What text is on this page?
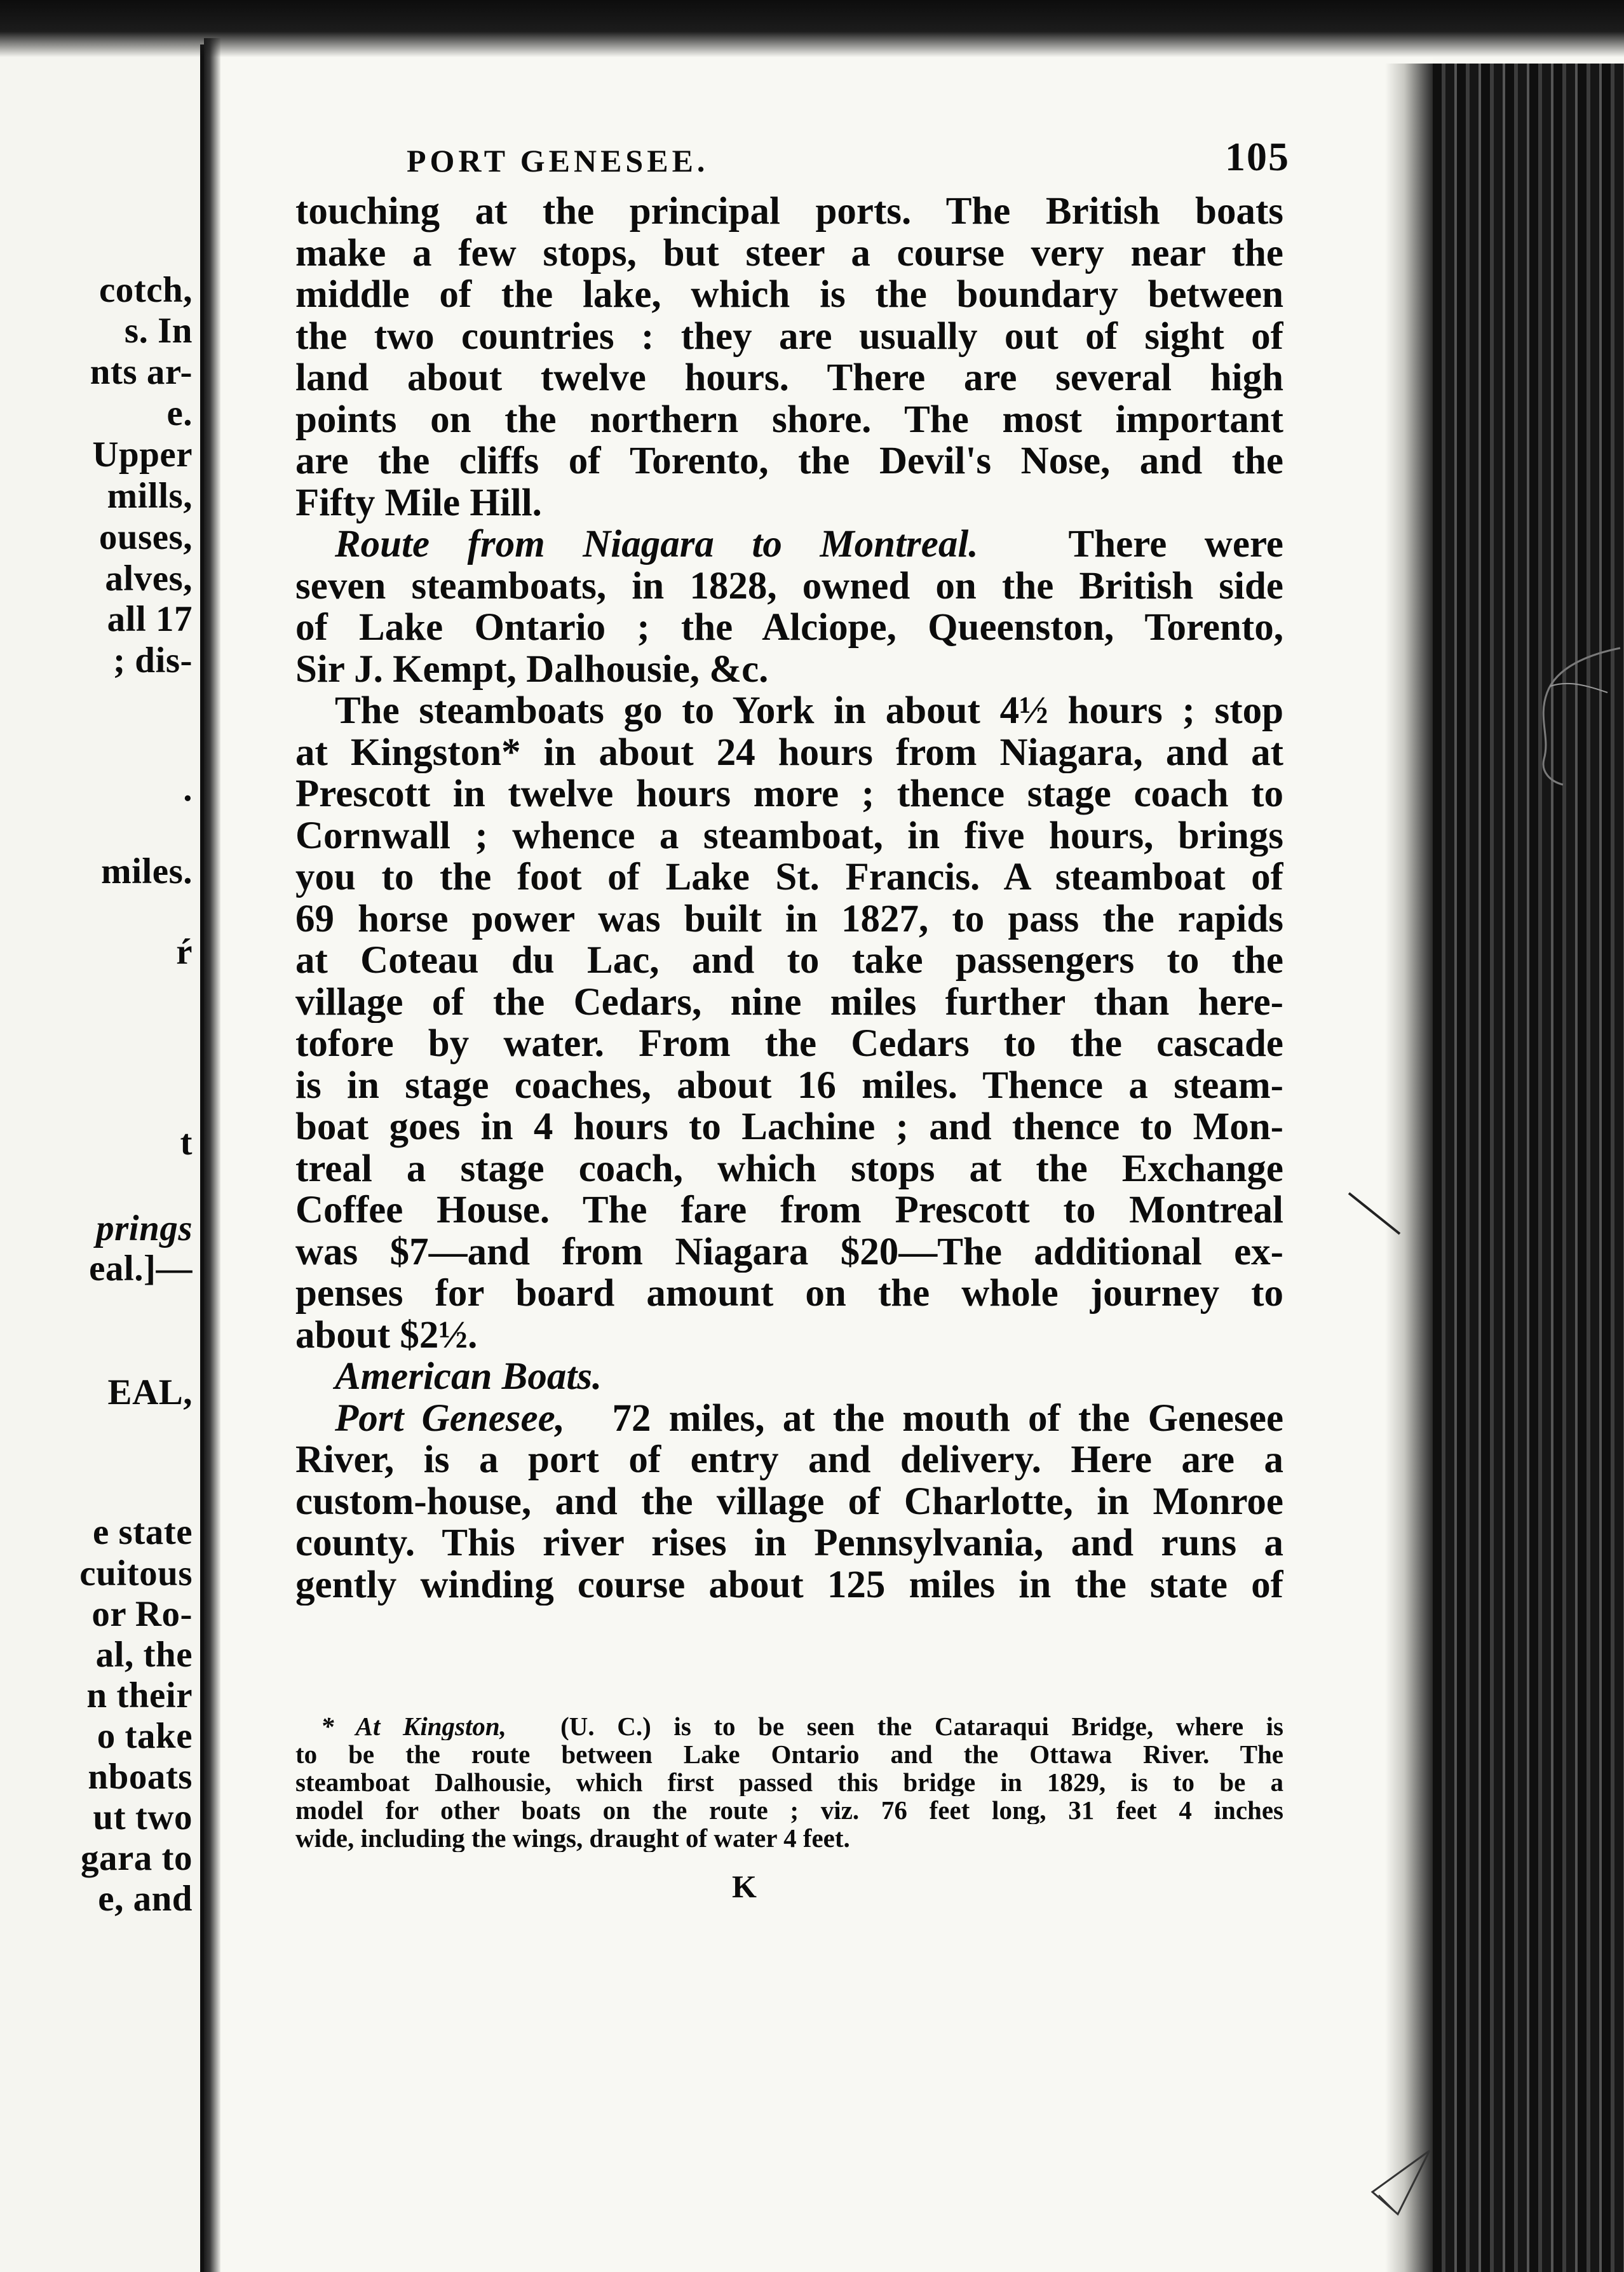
cotch,
s. In
nts ar-
e.
Upper
mills,
ouses,
alves,
all 17
; dis-
.
miles.
ŕ
t
prings
eal.]—
EAL,
e state
cuitous
or Ro-
al, the
n their
o take
nboats
ut two
gara to
e, and
PORT GENESEE.	105
touching at the principal ports. The British boats
make a few stops, but steer a course very near the
middle of the lake, which is the boundary between
the two countries : they are usually out of sight of
land about twelve hours. There are several high
points on the northern shore. The most important
are the cliffs of Torento, the Devil's Nose, and the
Fifty Mile Hill.
Route from Niagara to Montreal. There were
seven steamboats, in 1828, owned on the British side
of Lake Ontario ; the Alciope, Queenston, Torento,
Sir J. Kempt, Dalhousie, &c.
The steamboats go to York in about 4½ hours ; stop
at Kingston* in about 24 hours from Niagara, and at
Prescott in twelve hours more ; thence stage coach to
Cornwall ; whence a steamboat, in five hours, brings
you to the foot of Lake St. Francis. A steamboat of
69 horse power was built in 1827, to pass the rapids
at Coteau du Lac, and to take passengers to the
village of the Cedars, nine miles further than here-
tofore by water. From the Cedars to the cascade
is in stage coaches, about 16 miles. Thence a steam-
boat goes in 4 hours to Lachine ; and thence to Mon-
treal a stage coach, which stops at the Exchange
Coffee House. The fare from Prescott to Montreal
was $7—and from Niagara $20—The additional ex-
penses for board amount on the whole journey to
about $2½.
American Boats.
Port Genesee, 72 miles, at the mouth of the Genesee
River, is a port of entry and delivery. Here are a
custom-house, and the village of Charlotte, in Monroe
county. This river rises in Pennsylvania, and runs a
gently winding course about 125 miles in the state of
* At Kingston, (U. C.) is to be seen the Cataraqui Bridge, where is
to be the route between Lake Ontario and the Ottawa River. The
steamboat Dalhousie, which first passed this bridge in 1829, is to be a
model for other boats on the route ; viz. 76 feet long, 31 feet 4 inches
wide, including the wings, draught of water 4 feet.
K
